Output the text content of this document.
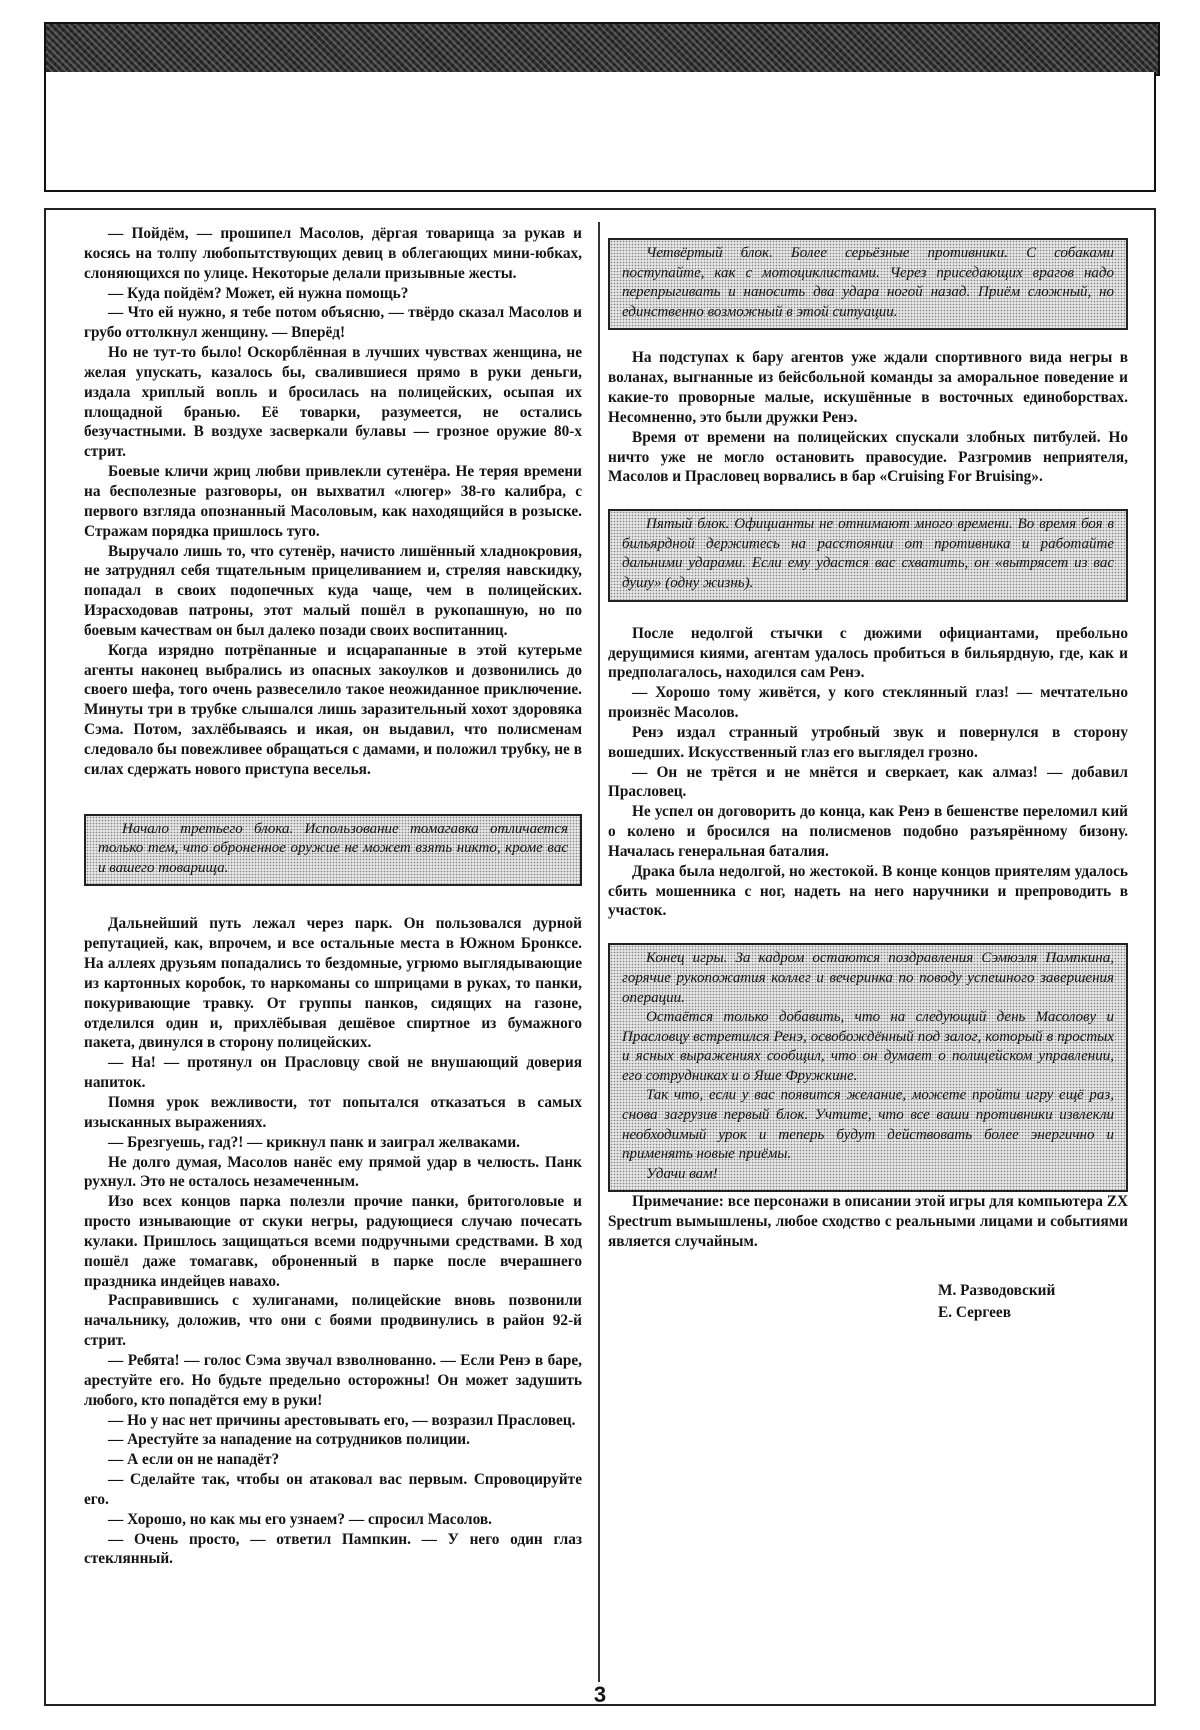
— Пойдём, — прошипел Масолов, дёргая товарища за рукав и косясь на толпу любопытствующих девиц в облегающих мини-юбках, слоняющихся по улице. Некоторые делали призывные жесты.

— Куда пойдём? Может, ей нужна помощь?

— Что ей нужно, я тебе потом объясню, — твёрдо сказал Масолов и грубо оттолкнул женщину. — Вперёд!

Но не тут-то было! Оскорблённая в лучших чувствах женщина, не желая упускать, казалось бы, свалившиеся прямо в руки деньги, издала хриплый вопль и бросилась на полицейских, осыпая их площадной бранью. Её товарки, разумеется, не остались безучастными. В воздухе засверкали булавы — грозное оружие 80-х стрит.

Боевые кличи жриц любви привлекли сутенёра. Не теряя времени на бесполезные разговоры, он выхватил «люгер» 38-го калибра, с первого взгляда опознанный Масоловым, как находящийся в розыске. Стражам порядка пришлось туго.

Выручало лишь то, что сутенёр, начисто лишённый хладнокровия, не затруднял себя тщательным прицеливанием и, стреляя навскидку, попадал в своих подопечных куда чаще, чем в полицейских. Израсходовав патроны, этот малый пошёл в рукопашную, но по боевым качествам он был далеко позади своих воспитанниц.

Когда изрядно потрёпанные и исцарапанные в этой кутерьме агенты наконец выбрались из опасных закоулков и дозвонились до своего шефа, того очень развеселило такое неожиданное приключение. Минуты три в трубке слышался лишь заразительный хохот здоровяка Сэма. Потом, захлёбываясь и икая, он выдавил, что полисменам следовало бы повежливее обращаться с дамами, и положил трубку, не в силах сдержать нового приступа веселья.

Начало третьего блока. Использование томагавка отличается только тем, что оброненное оружие не может взять никто, кроме вас и вашего товарища.

Дальнейший путь лежал через парк. Он пользовался дурной репутацией, как, впрочем, и все остальные места в Южном Бронксе. На аллеях друзьям попадались то бездомные, угрюмо выглядывающие из картонных коробок, то наркоманы со шприцами в руках, то панки, покуривающие травку. От группы панков, сидящих на газоне, отделился один и, прихлёбывая дешёвое спиртное из бумажного пакета, двинулся в сторону полицейских.

— На! — протянул он Прасловцу свой не внушающий доверия напиток.

Помня урок вежливости, тот попытался отказаться в самых изысканных выражениях.

— Брезгуешь, гад?! — крикнул панк и заиграл желваками.

Не долго думая, Масолов нанёс ему прямой удар в челюсть. Панк рухнул. Это не осталось незамеченным.

Изо всех концов парка полезли прочие панки, бритоголовые и просто изнывающие от скуки негры, радующиеся случаю почесать кулаки. Пришлось защищаться всеми подручными средствами. В ход пошёл даже томагавк, оброненный в парке после вчерашнего праздника индейцев навахо.

Расправившись с хулиганами, полицейские вновь позвонили начальнику, доложив, что они с боями продвинулись в район 92-й стрит.

— Ребята! — голос Сэма звучал взволнованно. — Если Ренэ в баре, арестуйте его. Но будьте предельно осторожны! Он может задушить любого, кто попадётся ему в руки!

— Но у нас нет причины арестовывать его, — возразил Прасловец.

— Арестуйте за нападение на сотрудников полиции.

— А если он не нападёт?

— Сделайте так, чтобы он атаковал вас первым. Спровоцируйте его.

— Хорошо, но как мы его узнаем? — спросил Масолов.

— Очень просто, — ответил Пампкин. — У него один глаз стеклянный.

Четвёртый блок. Более серьёзные противники. С собаками поступайте, как с мотоциклистами. Через приседающих врагов надо перепрыгивать и наносить два удара ногой назад. Приём сложный, но единственно возможный в этой ситуации.

На подступах к бару агентов уже ждали спортивного вида негры в воланах, выгнанные из бейсбольной команды за аморальное поведение и какие-то проворные малые, искушённые в восточных единоборствах. Несомненно, это были дружки Ренэ.

Время от времени на полицейских спускали злобных питбулей. Но ничто уже не могло остановить правосудие. Разгромив неприятеля, Масолов и Прасловец ворвались в бар «Cruising For Bruising».

Пятый блок. Официанты не отнимают много времени. Во время боя в бильярдной держитесь на расстоянии от противника и работайте дальними ударами. Если ему удастся вас схватить, он «вытрясет из вас душу» (одну жизнь).

После недолгой стычки с дюжими официантами, пребольно дерущимися киями, агентам удалось пробиться в бильярдную, где, как и предполагалось, находился сам Ренэ.

— Хорошо тому живётся, у кого стеклянный глаз! — мечтательно произнёс Масолов.

Ренэ издал странный утробный звук и повернулся в сторону вошедших. Искусственный глаз его выглядел грозно.

— Он не трётся и не мнётся и сверкает, как алмаз! — добавил Прасловец.

Не успел он договорить до конца, как Ренэ в бешенстве переломил кий о колено и бросился на полисменов подобно разъярённому бизону. Началась генеральная баталия.

Драка была недолгой, но жестокой. В конце концов приятелям удалось сбить мошенника с ног, надеть на него наручники и препроводить в участок.

Конец игры. За кадром остаются поздравления Сэмюэля Пампкина, горячие рукопожатия коллег и вечеринка по поводу успешного завершения операции.

Остаётся только добавить, что на следующий день Масолову и Прасловцу встретился Ренэ, освобождённый под залог, который в простых и ясных выражениях сообщил, что он думает о полицейском управлении, его сотрудниках и о Яше Фружкине.

Так что, если у вас появится желание, можете пройти игру ещё раз, снова загрузив первый блок. Учтите, что все ваши противники извлекли необходимый урок и теперь будут действовать более энергично и применять новые приёмы.

Удачи вам!

Примечание: все персонажи в описании этой игры для компьютера ZX Spectrum вымышлены, любое сходство с реальными лицами и событиями является случайным.

М. Разводовский
Е. Сергеев
3
